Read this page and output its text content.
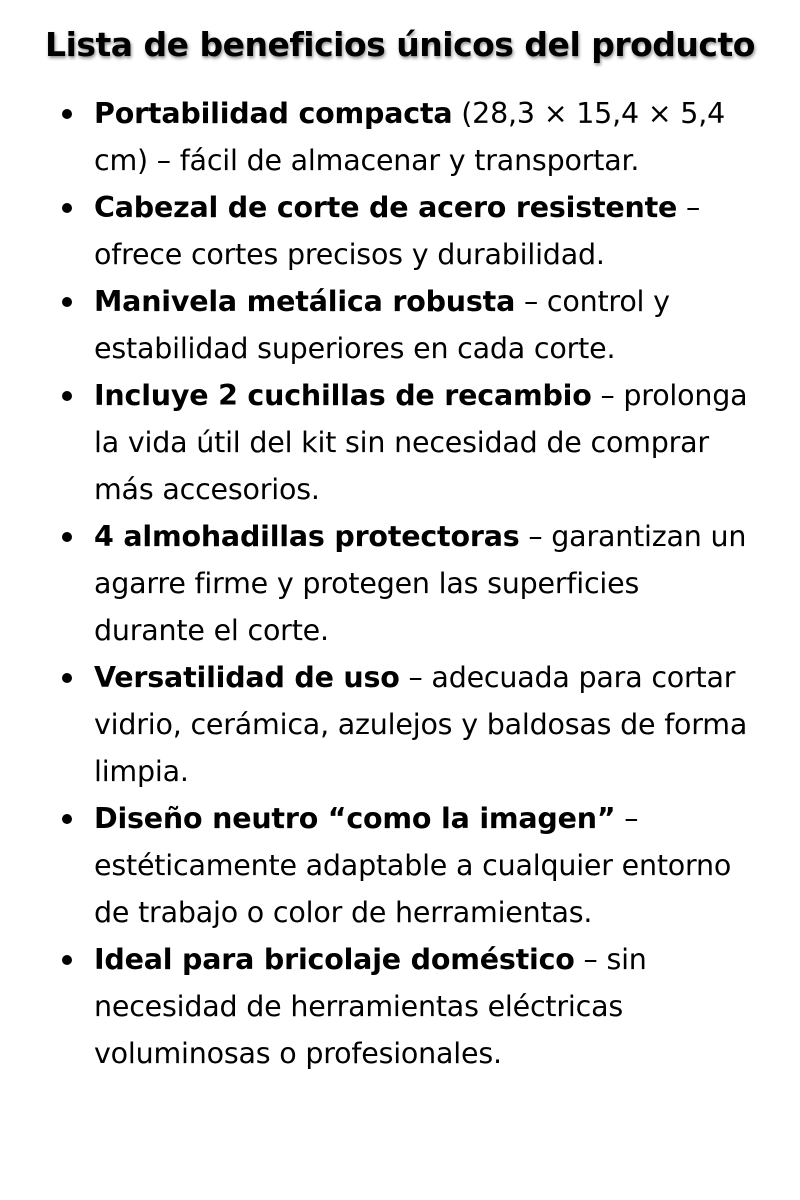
Lista de beneficios únicos del producto
Portabilidad compacta (28,3 × 15,4 × 5,4 cm) – fácil de almacenar y transportar.
Cabezal de corte de acero resistente – ofrece cortes precisos y durabilidad.
Manivela metálica robusta – control y estabilidad superiores en cada corte.
Incluye 2 cuchillas de recambio – prolonga la vida útil del kit sin necesidad de comprar más accesorios.
4 almohadillas protectoras – garantizan un agarre firme y protegen las superficies durante el corte.
Versatilidad de uso – adecuada para cortar vidrio, cerámica, azulejos y baldosas de forma limpia.
Diseño neutro “como la imagen” – estéticamente adaptable a cualquier entorno de trabajo o color de herramientas.
Ideal para bricolaje doméstico – sin necesidad de herramientas eléctricas voluminosas o profesionales.
